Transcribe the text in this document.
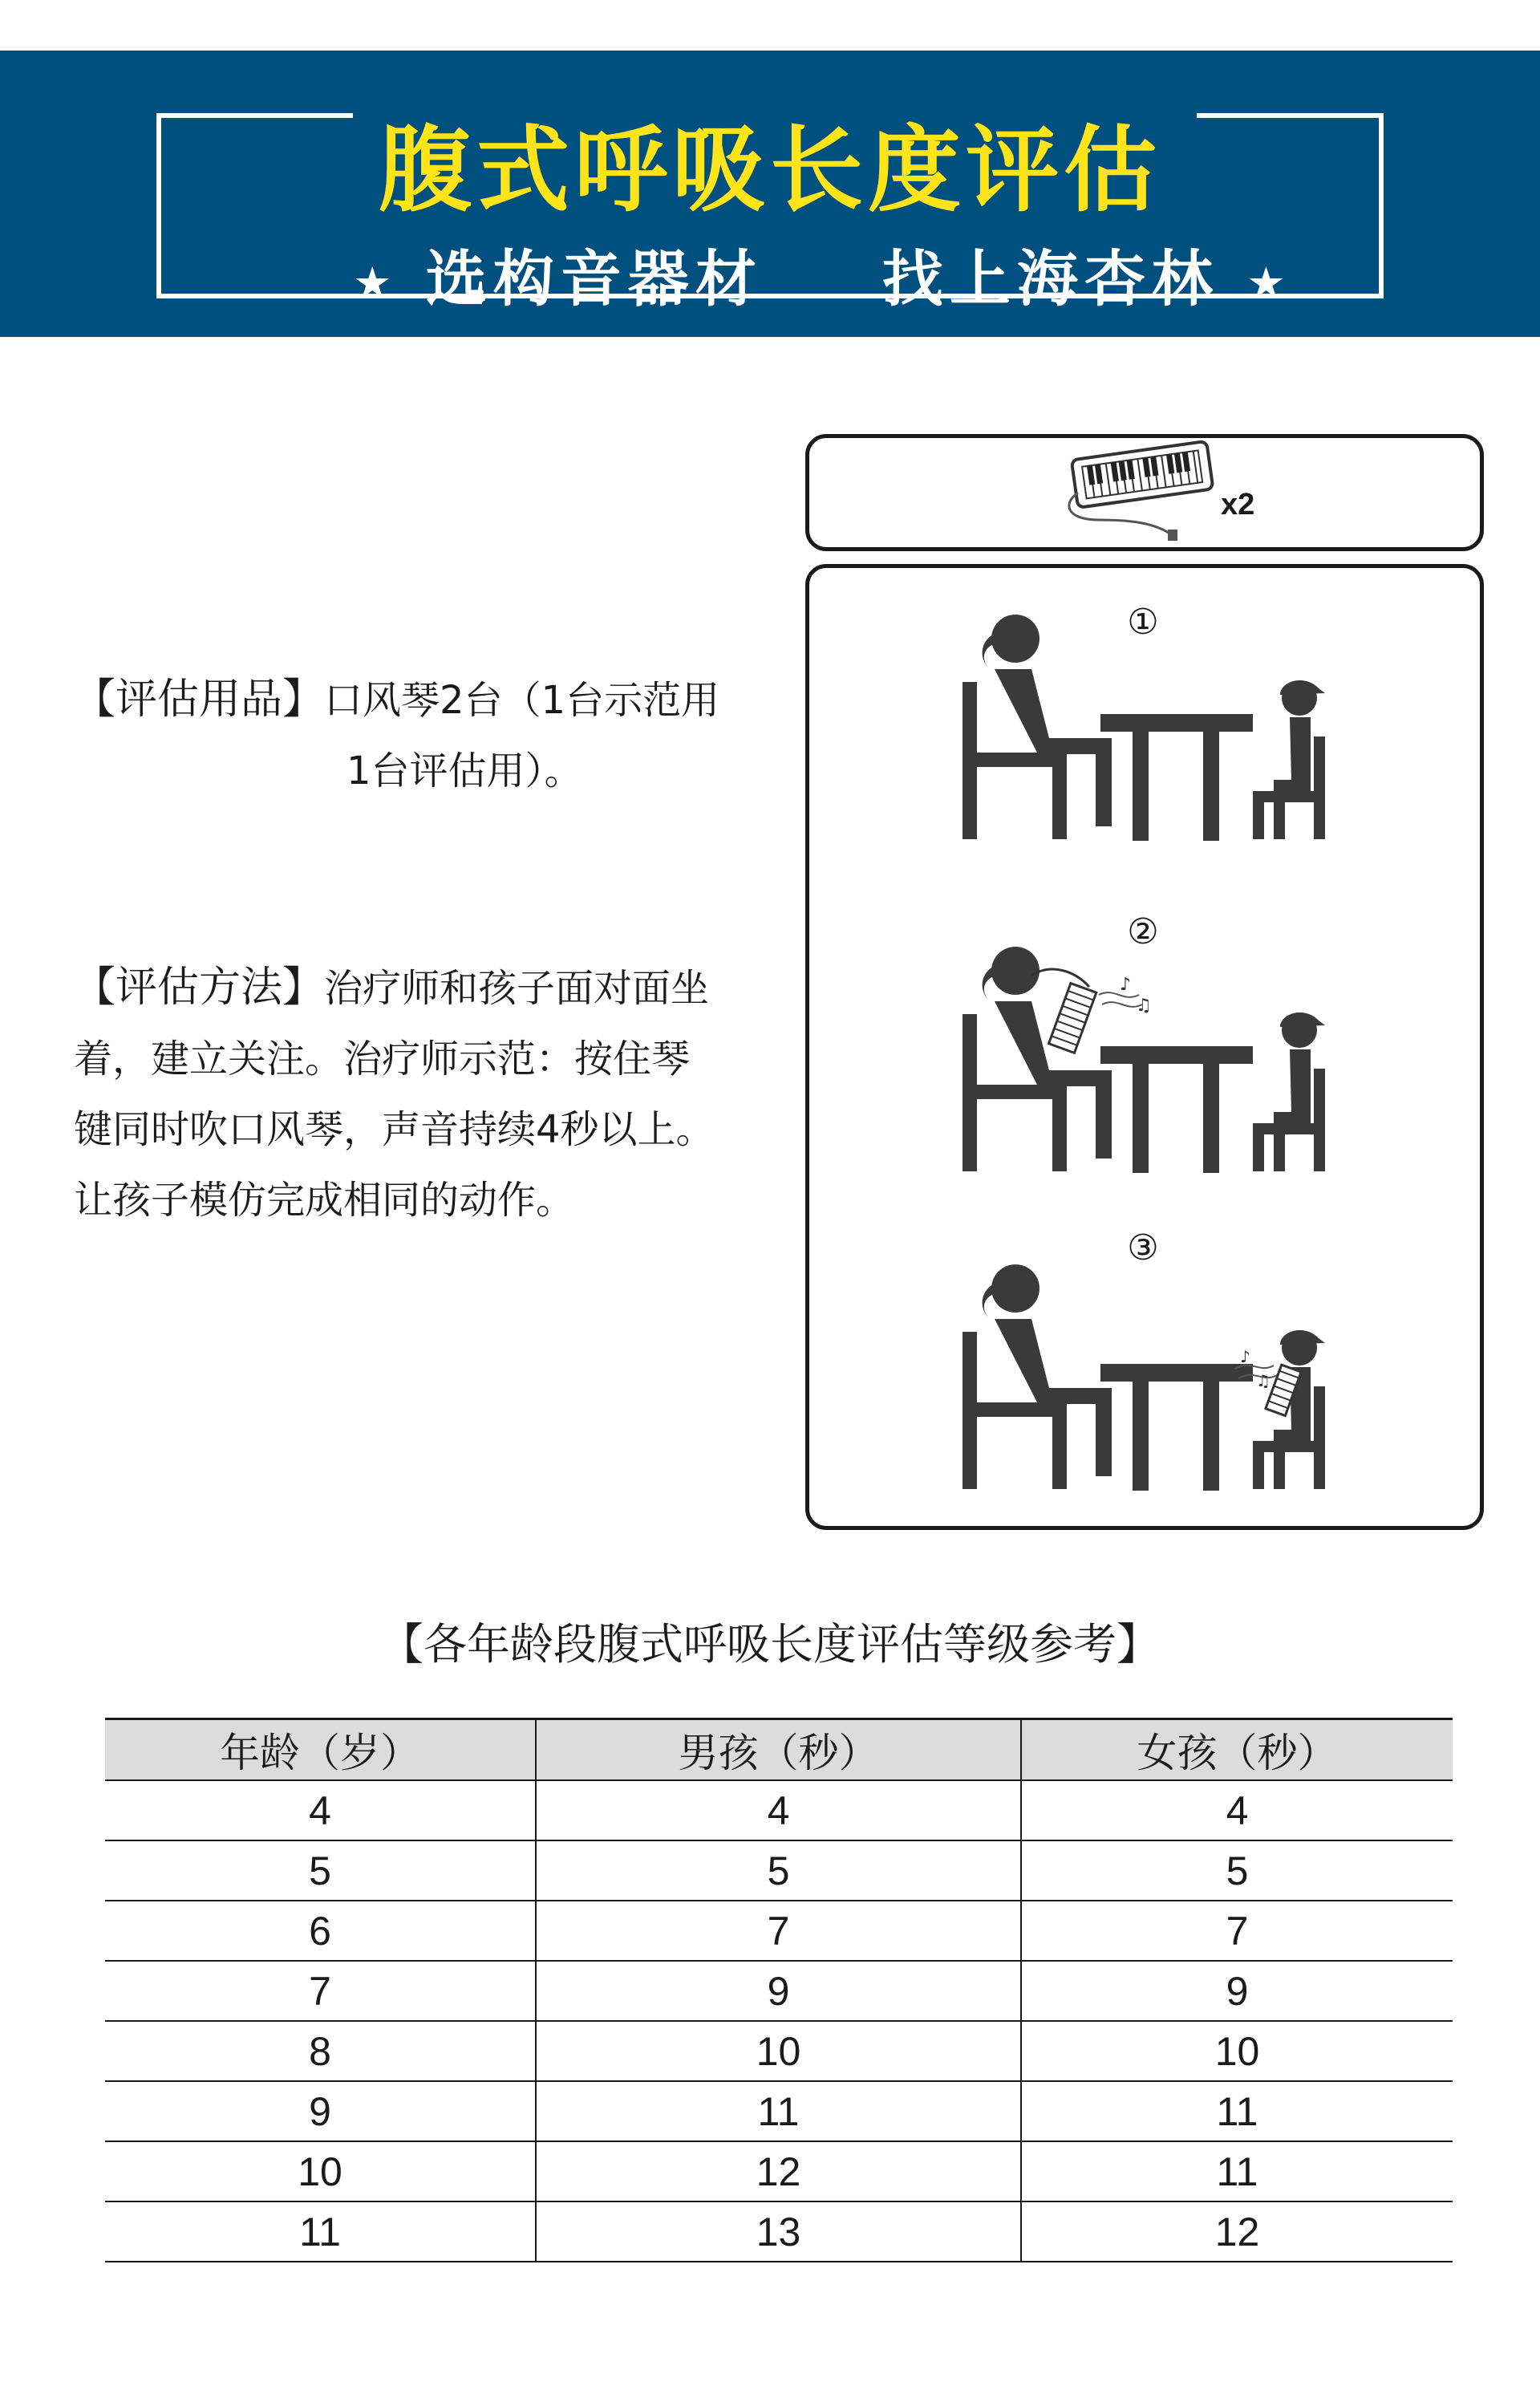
腹式呼吸长度评估
★ 选构音器材 找上海杏林 ★
【评估用品】口风琴2台（1台示范用
1台评估用）。
【评估方法】治疗师和孩子面对面坐
着，建立关注。治疗师示范：按住琴
键同时吹口风琴，声音持续4秒以上。
让孩子模仿完成相同的动作。
x2
①
②
③
♪
♫
♪
♫
【各年龄段腹式呼吸长度评估等级参考】
年龄（岁）	男孩（秒）	女孩（秒）
4	4	4
5	5	5
6	7	7
7	9	9
8	10	10
9	11	11
10	12	11
11	13	12
